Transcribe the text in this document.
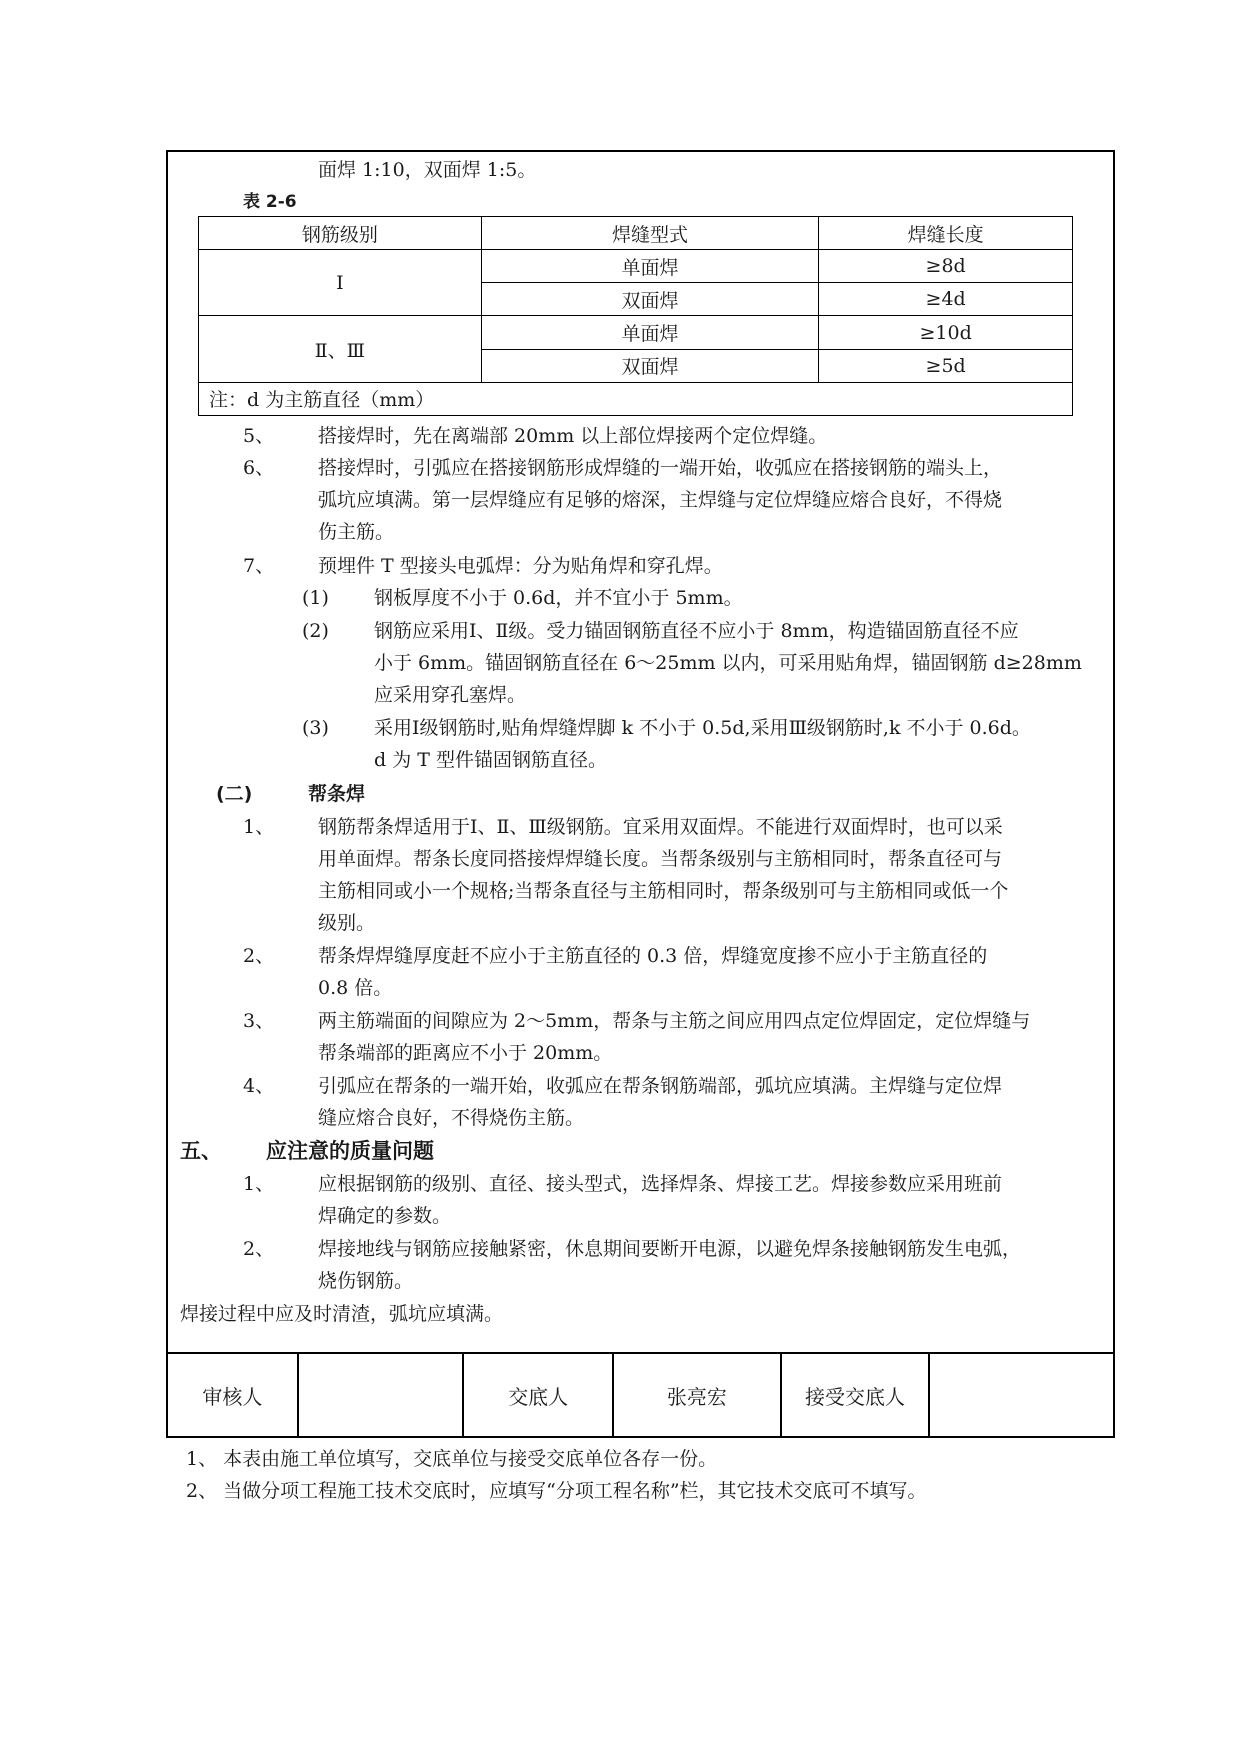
面焊 1:10，双面焊 1:5。
表 2-6
钢筋级别	焊缝型式	焊缝长度
Ⅰ	单面焊	≥8d
	双面焊	≥4d
Ⅱ、Ⅲ	单面焊	≥10d
	双面焊	≥5d
注：d 为主筋直径（mm）		
5、 搭接焊时，先在离端部 20mm 以上部位焊接两个定位焊缝。
6、 搭接焊时，引弧应在搭接钢筋形成焊缝的一端开始，收弧应在搭接钢筋的端头上，
弧坑应填满。第一层焊缝应有足够的熔深，主焊缝与定位焊缝应熔合良好，不得烧
伤主筋。
7、 预埋件 T 型接头电弧焊：分为贴角焊和穿孔焊。
(1) 钢板厚度不小于 0.6d，并不宜小于 5mm。
(2) 钢筋应采用Ⅰ、Ⅱ级。受力锚固钢筋直径不应小于 8mm，构造锚固筋直径不应
小于 6mm。锚固钢筋直径在 6～25mm 以内，可采用贴角焊，锚固钢筋 d≥28mm
应采用穿孔塞焊。
(3) 采用Ⅰ级钢筋时,贴角焊缝焊脚 k 不小于 0.5d,采用Ⅲ级钢筋时,k 不小于 0.6d。
d 为 T 型件锚固钢筋直径。
(二)	帮条焊
1、 钢筋帮条焊适用于Ⅰ、Ⅱ、Ⅲ级钢筋。宜采用双面焊。不能进行双面焊时，也可以采
用单面焊。帮条长度同搭接焊焊缝长度。当帮条级别与主筋相同时，帮条直径可与
主筋相同或小一个规格;当帮条直径与主筋相同时，帮条级别可与主筋相同或低一个
级别。
2、 帮条焊焊缝厚度赶不应小于主筋直径的 0.3 倍，焊缝宽度掺不应小于主筋直径的
0.8 倍。
3、 两主筋端面的间隙应为 2～5mm，帮条与主筋之间应用四点定位焊固定，定位焊缝与
帮条端部的距离应不小于 20mm。
4、 引弧应在帮条的一端开始，收弧应在帮条钢筋端部，弧坑应填满。主焊缝与定位焊
缝应熔合良好，不得烧伤主筋。
五、 应注意的质量问题
1、 应根据钢筋的级别、直径、接头型式，选择焊条、焊接工艺。焊接参数应采用班前
焊确定的参数。
2、 焊接地线与钢筋应接触紧密，休息期间要断开电源，以避免焊条接触钢筋发生电弧，
烧伤钢筋。
焊接过程中应及时清渣，弧坑应填满。
审核人		交底人	张亮宏	接受交底人	
1、 本表由施工单位填写，交底单位与接受交底单位各存一份。
2、 当做分项工程施工技术交底时，应填写“分项工程名称”栏，其它技术交底可不填写。
